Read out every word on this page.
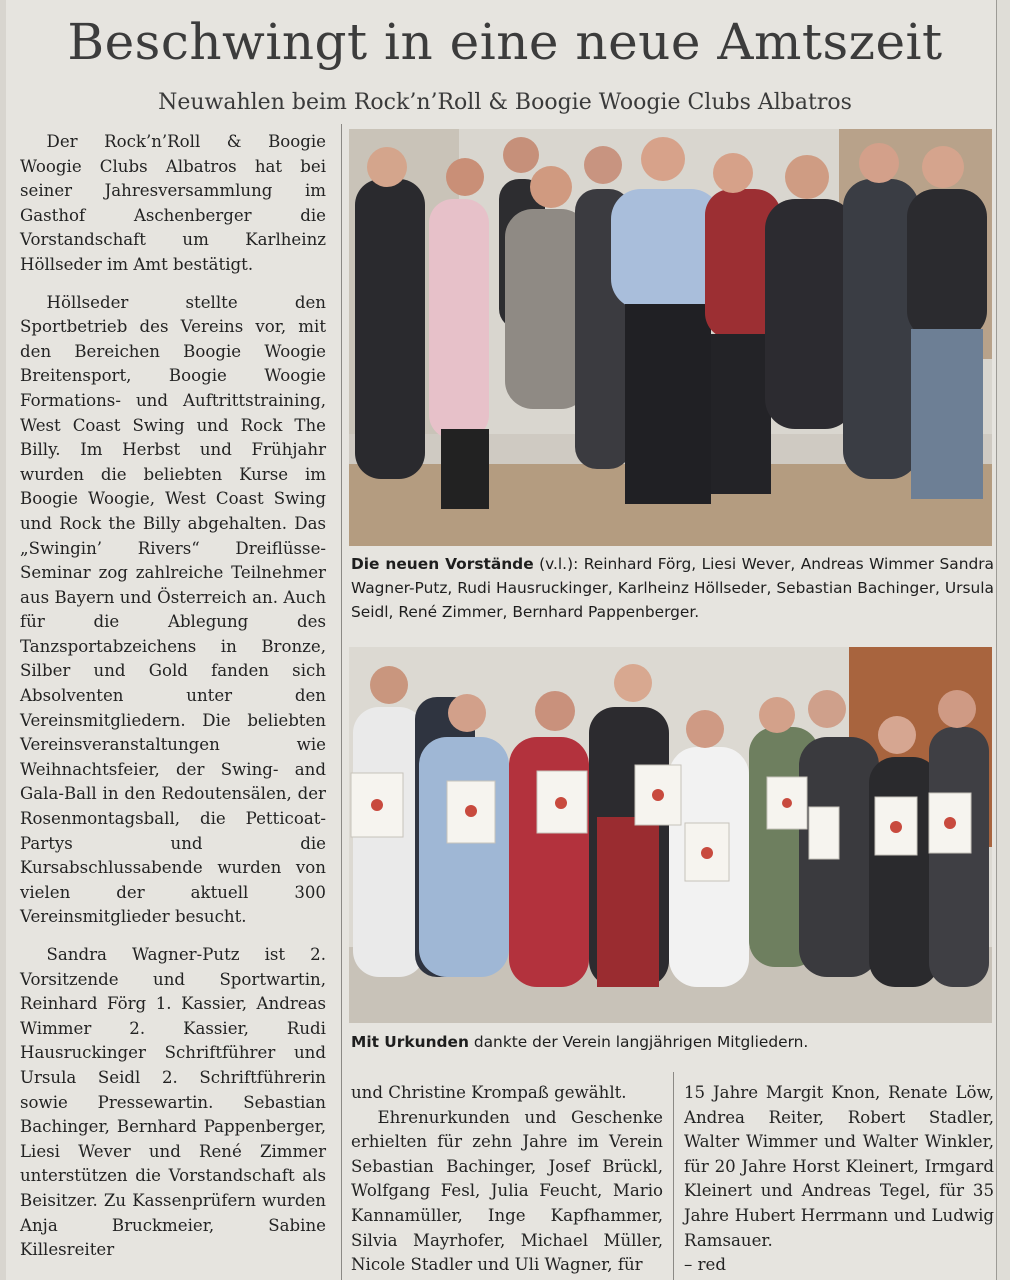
Beschwingt in eine neue Amtszeit
Neuwahlen beim Rock’n’Roll & Boogie Woogie Clubs Albatros

Der Rock’n’Roll & Boogie Woogie Clubs Albatros hat bei seiner Jahresversammlung im Gasthof Aschenberger die Vorstandschaft um Karlheinz Höllseder im Amt bestätigt.

Höllseder stellte den Sportbetrieb des Vereins vor, mit den Bereichen Boogie Woogie Breitensport, Boogie Woogie Formations- und Auftrittstraining, West Coast Swing und Rock The Billy. Im Herbst und Frühjahr wurden die beliebten Kurse im Boogie Woogie, West Coast Swing und Rock the Billy abgehalten. Das „Swingin’ Rivers“ Dreiflüsse-Seminar zog zahlreiche Teilnehmer aus Bayern und Österreich an. Auch für die Ablegung des Tanzsportabzeichens in Bronze, Silber und Gold fanden sich Absolventen unter den Vereinsmitgliedern. Die beliebten Vereinsveranstaltungen wie Weihnachtsfeier, der Swing- and Gala-Ball in den Redoutensälen, der Rosenmontagsball, die Petticoat-Partys und die Kursabschlussabende wurden von vielen der aktuell 300 Vereinsmitglieder besucht.

Sandra Wagner-Putz ist 2. Vorsitzende und Sportwartin, Reinhard Förg 1. Kassier, Andreas Wimmer 2. Kassier, Rudi Hausruckinger Schriftführer und Ursula Seidl 2. Schriftführerin sowie Pressewartin. Sebastian Bachinger, Bernhard Pappenberger, Liesi Wever und René Zimmer unterstützen die Vorstandschaft als Beisitzer. Zu Kassenprüfern wurden Anja Bruckmeier, Sabine Killesreiter

Die neuen Vorstände (v.l.): Reinhard Förg, Liesi Wever, Andreas Wimmer Sandra Wagner-Putz, Rudi Hausruckinger, Karlheinz Höllseder, Sebastian Bachinger, Ursula Seidl, René Zimmer, Bernhard Pappenberger.
Mit Urkunden dankte der Verein langjährigen Mitgliedern.

und Christine Krompaß gewählt.

Ehrenurkunden und Geschenke erhielten für zehn Jahre im Verein Sebastian Bachinger, Josef Brückl, Wolfgang Fesl, Julia Feucht, Mario Kannamüller, Inge Kapfhammer, Silvia Mayrhofer, Michael Müller, Nicole Stadler und Uli Wagner, für

15 Jahre Margit Knon, Renate Löw, Andrea Reiter, Robert Stadler, Walter Wimmer und Walter Winkler, für 20 Jahre Horst Kleinert, Irmgard Kleinert und Andreas Tegel, für 35 Jahre Hubert Herrmann und Ludwig Ramsauer.

– red
